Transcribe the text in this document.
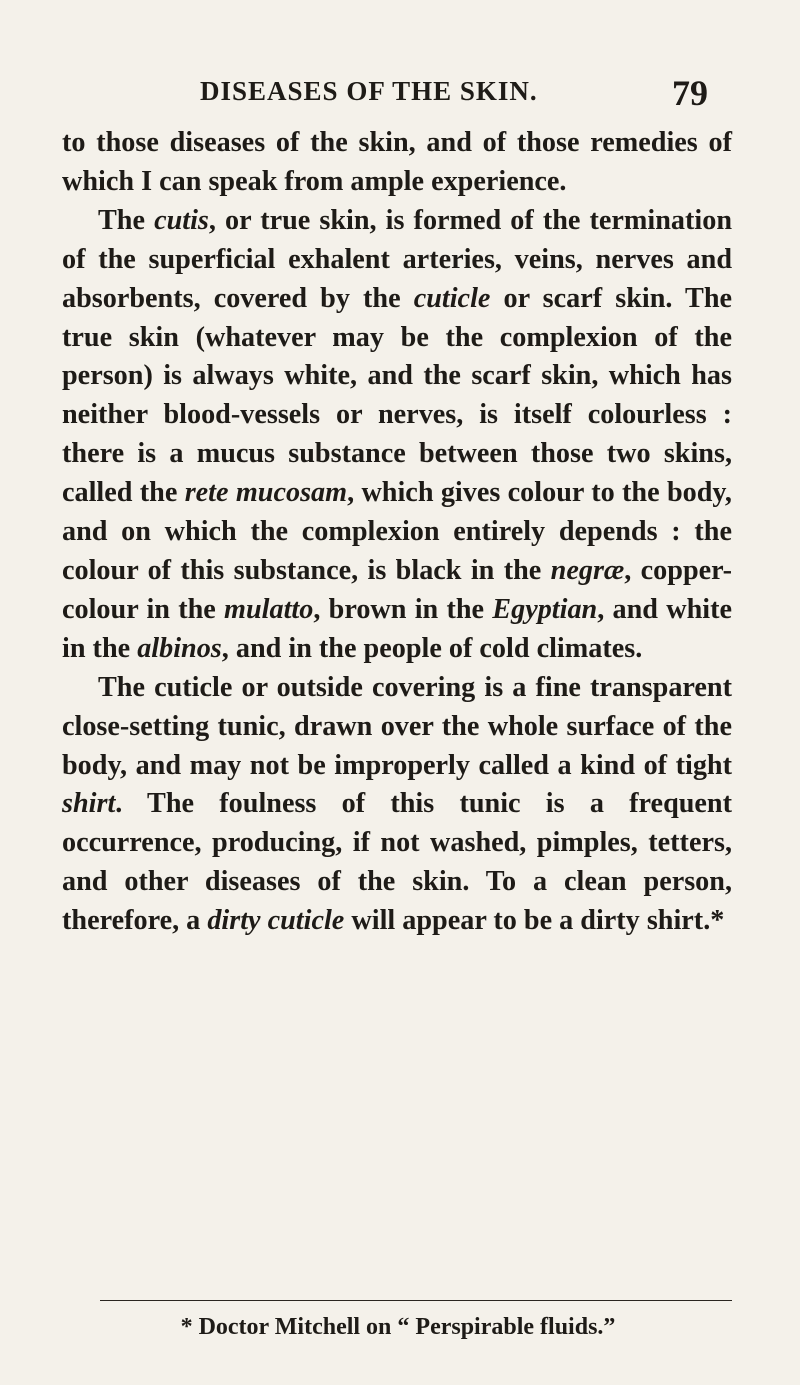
DISEASES OF THE SKIN.	79

to those diseases of the skin, and of those remedies of which I can speak from ample experience.

The cutis, or true skin, is formed of the termination of the superficial exhalent arteries, veins, nerves and absorbents, covered by the cuticle or scarf skin. The true skin (whatever may be the complexion of the person) is always white, and the scarf skin, which has neither blood-vessels or nerves, is itself colourless : there is a mucus substance between those two skins, called the rete mucosam, which gives colour to the body, and on which the complexion entirely depends : the colour of this substance, is black in the negræ, copper-colour in the mulatto, brown in the Egyptian, and white in the albinos, and in the people of cold climates.

The cuticle or outside covering is a fine transparent close-setting tunic, drawn over the whole surface of the body, and may not be improperly called a kind of tight shirt. The foulness of this tunic is a frequent occurrence, producing, if not washed, pimples, tetters, and other diseases of the skin. To a clean person, therefore, a dirty cuticle will appear to be a dirty shirt.*

* Doctor Mitchell on “ Perspirable fluids.”
